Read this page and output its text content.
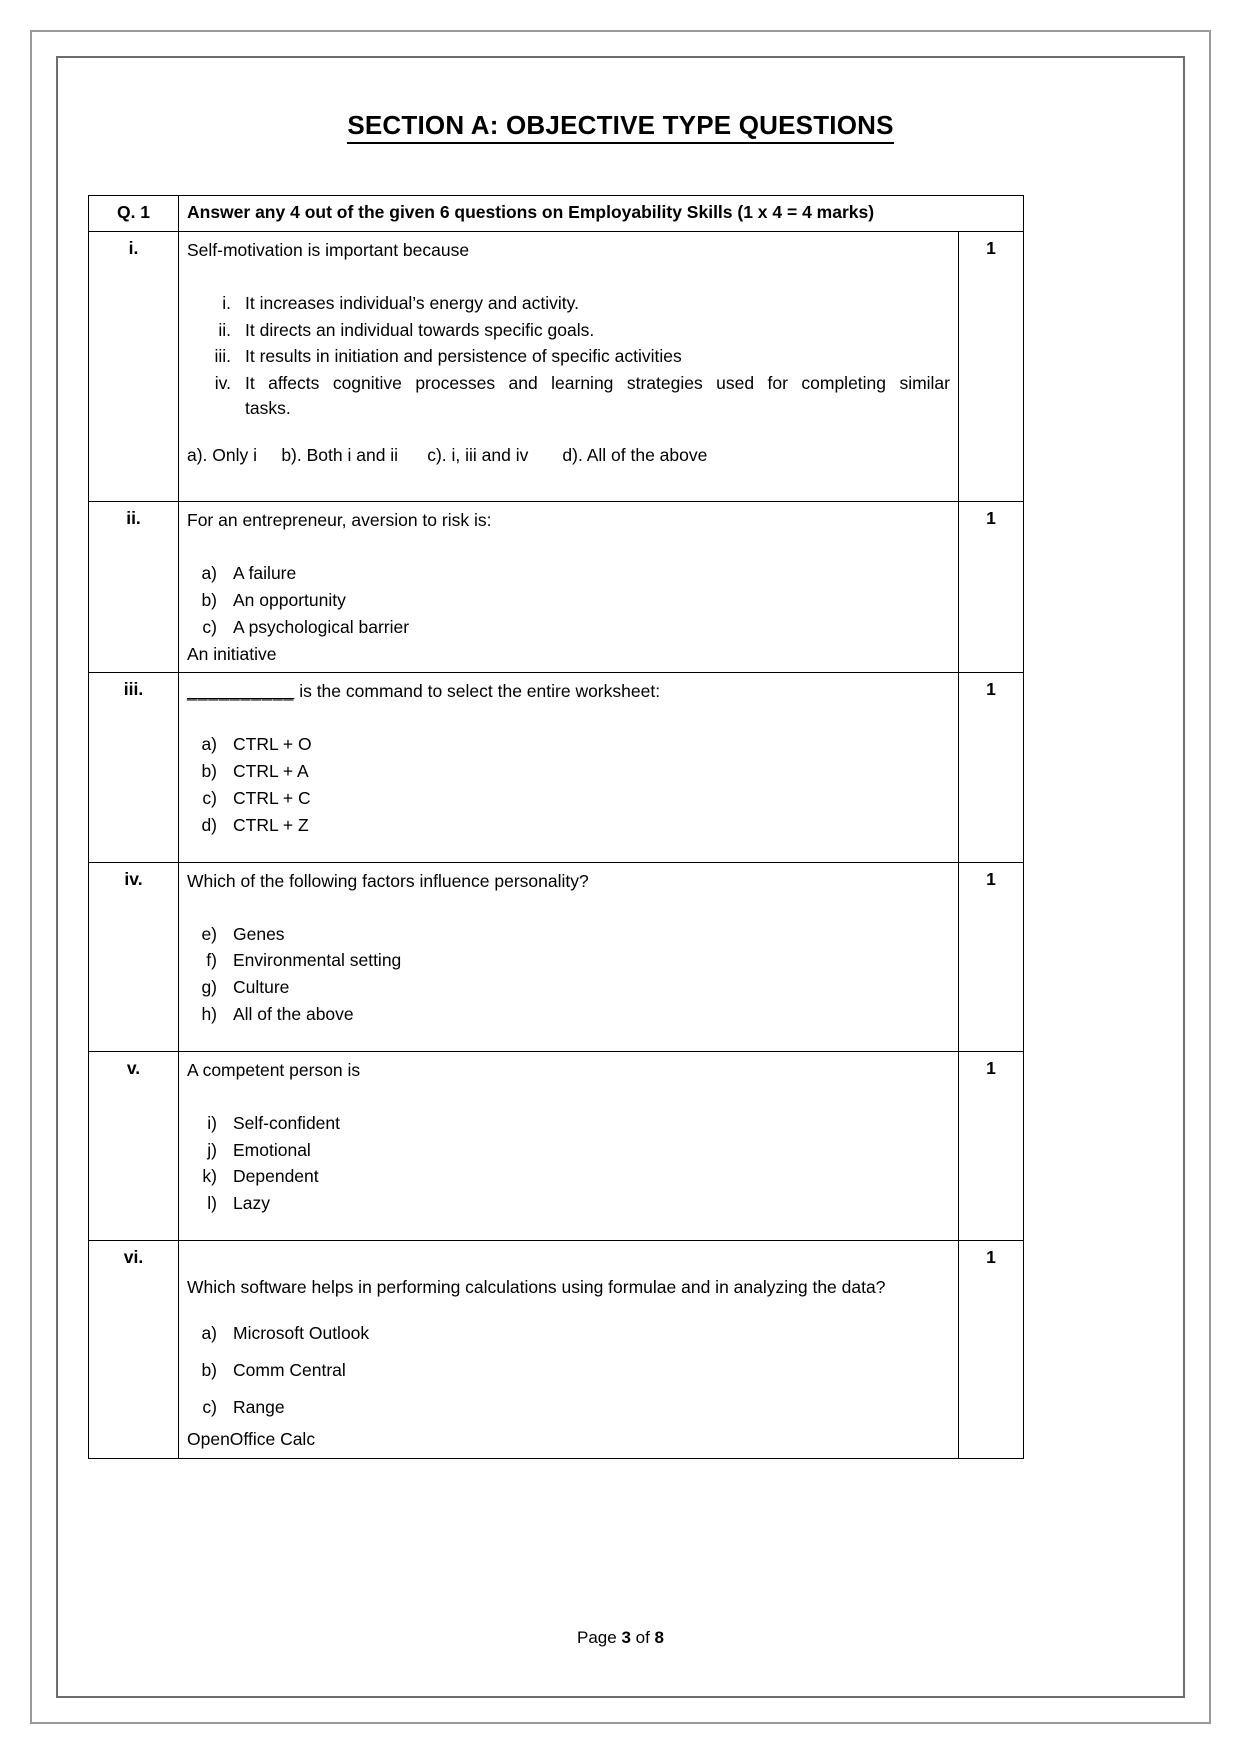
SECTION A: OBJECTIVE TYPE QUESTIONS
Q. 1	Answer any 4 out of the given 6 questions on Employability Skills (1 x 4 = 4 marks)	
i.	Self-motivation is important because

i. It increases individual’s energy and activity.
ii. It directs an individual towards specific goals.
iii. It results in initiation and persistence of specific activities
iv. It affects cognitive processes and learning strategies used for completing similar
tasks.

a). Only i     b). Both i and ii      c). i, iii and iv       d). All of the above

	1
ii.	For an entrepreneur, aversion to risk is:

a) A failure
b) An opportunity
c) A psychological barrier

An initiative

	1
iii.	__________ is the command to select the entire worksheet:

a) CTRL + O
b) CTRL + A
c) CTRL + C
d) CTRL + Z
	1
iv.	Which of the following factors influence personality?

e) Genes
f) Environmental setting
g) Culture
h) All of the above
	1
v.	A competent person is

i) Self-confident
j) Emotional
k) Dependent
l) Lazy
	1
vi.	

Which software helps in performing calculations using formulae and in analyzing the data?

a) Microsoft Outlook
b) Comm Central
c) Range

OpenOffice Calc

	1
Page 3 of 8
